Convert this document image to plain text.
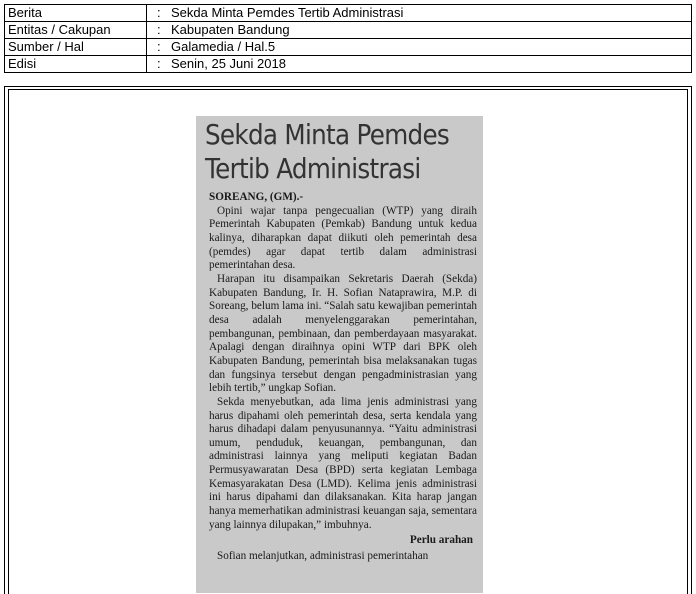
Berita	: Sekda Minta Pemdes Tertib Administrasi
Entitas / Cakupan	: Kabupaten Bandung
Sumber / Hal	: Galamedia / Hal.5
Edisi	: Senin, 25 Juni 2018
Sekda Minta Pemdes
Tertib Administrasi

SOREANG, (GM).-

Opini wajar tanpa pengecualian (WTP) yang diraih Pemerintah Kabupaten (Pemkab) Bandung untuk kedua kalinya, diharapkan dapat diikuti oleh pemerintah desa (pemdes) agar dapat tertib dalam administrasi pemerintahan desa.

Harapan itu disampaikan Sekretaris Daerah (Sekda) Kabupaten Bandung, Ir. H. Sofian Nataprawira, M.P. di Soreang, belum lama ini. “Salah satu kewajiban pemerintah desa adalah menyelenggarakan pemerintahan, pembangunan, pembinaan, dan pemberdayaan masyarakat. Apalagi dengan diraihnya opini WTP dari BPK oleh Kabupaten Bandung, pemerintah bisa melaksanakan tugas dan fungsinya tersebut dengan pengadministrasian yang lebih tertib,” ungkap Sofian.

Sekda menyebutkan, ada lima jenis administrasi yang harus dipahami oleh pemerintah desa, serta kendala yang harus dihadapi dalam penyusunannya. “Yaitu administrasi umum, penduduk, keuangan, pembangunan, dan administrasi lainnya yang meliputi kegiatan Badan Permusyawaratan Desa (BPD) serta kegiatan Lembaga Kemasyarakatan Desa (LMD). Kelima jenis administrasi ini harus dipahami dan dilaksanakan. Kita harap jangan hanya memerhatikan administrasi keuangan saja, sementara yang lainnya dilupakan,” imbuhnya.

Perlu arahan

Sofian melanjutkan, administrasi pemerintahan
